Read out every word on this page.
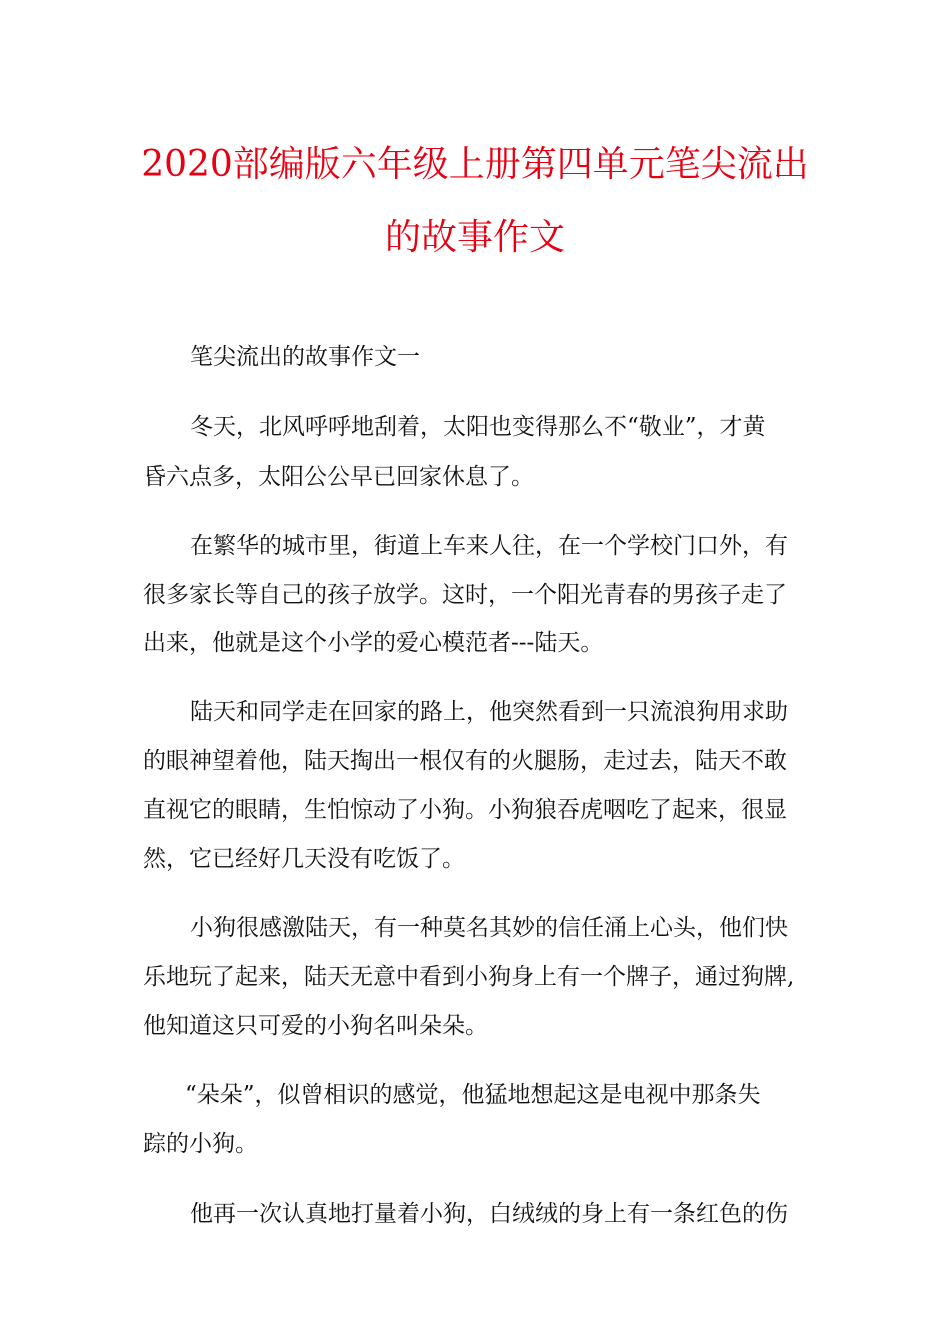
2020部编版六年级上册第四单元笔尖流出
的故事作文
笔尖流出的故事作文一
冬天，北风呼呼地刮着，太阳也变得那么不“敬业”，才黄
昏六点多，太阳公公早已回家休息了。
在繁华的城市里，街道上车来人往，在一个学校门口外，有
很多家长等自己的孩子放学。这时，一个阳光青春的男孩子走了
出来，他就是这个小学的爱心模范者---陆天。
陆天和同学走在回家的路上，他突然看到一只流浪狗用求助
的眼神望着他，陆天掏出一根仅有的火腿肠，走过去，陆天不敢
直视它的眼睛，生怕惊动了小狗。小狗狼吞虎咽吃了起来，很显
然，它已经好几天没有吃饭了。
小狗很感激陆天，有一种莫名其妙的信任涌上心头，他们快
乐地玩了起来，陆天无意中看到小狗身上有一个牌子，通过狗牌,
他知道这只可爱的小狗名叫朵朵。
“朵朵”，似曾相识的感觉，他猛地想起这是电视中那条失
踪的小狗。
他再一次认真地打量着小狗，白绒绒的身上有一条红色的伤
